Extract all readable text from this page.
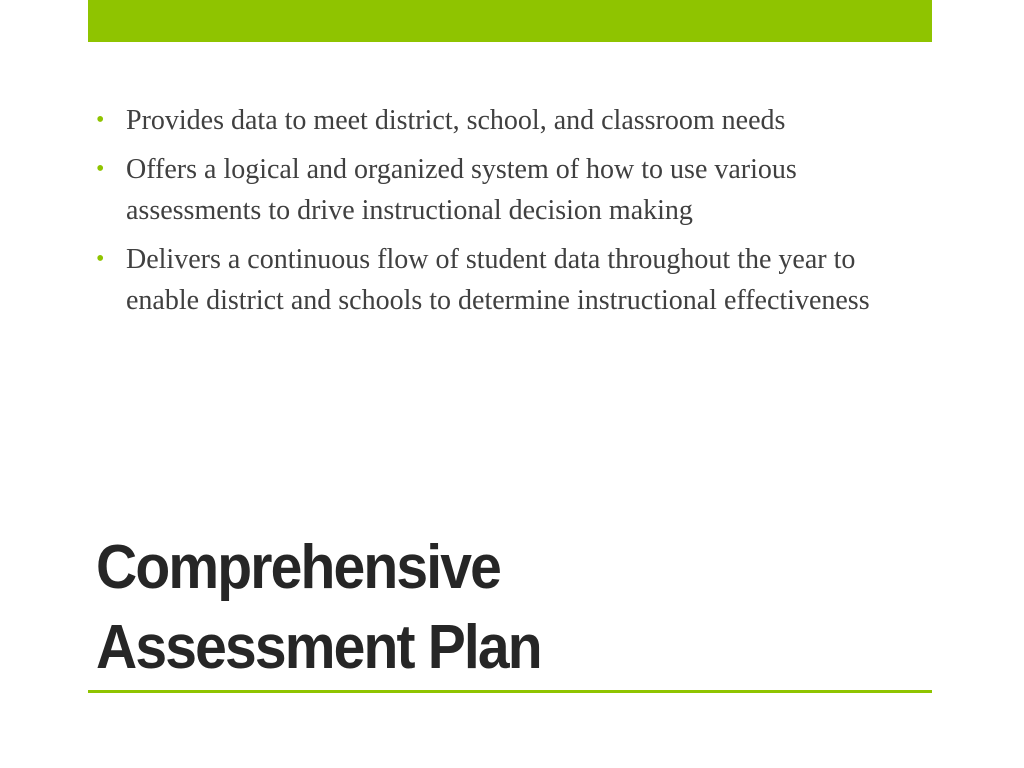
• Provides data to meet district, school, and classroom needs
• Offers a logical and organized system of how to use various assessments to drive instructional decision making
• Delivers a continuous flow of student data throughout the year to enable district and schools to determine instructional effectiveness
Comprehensive
Assessment Plan
